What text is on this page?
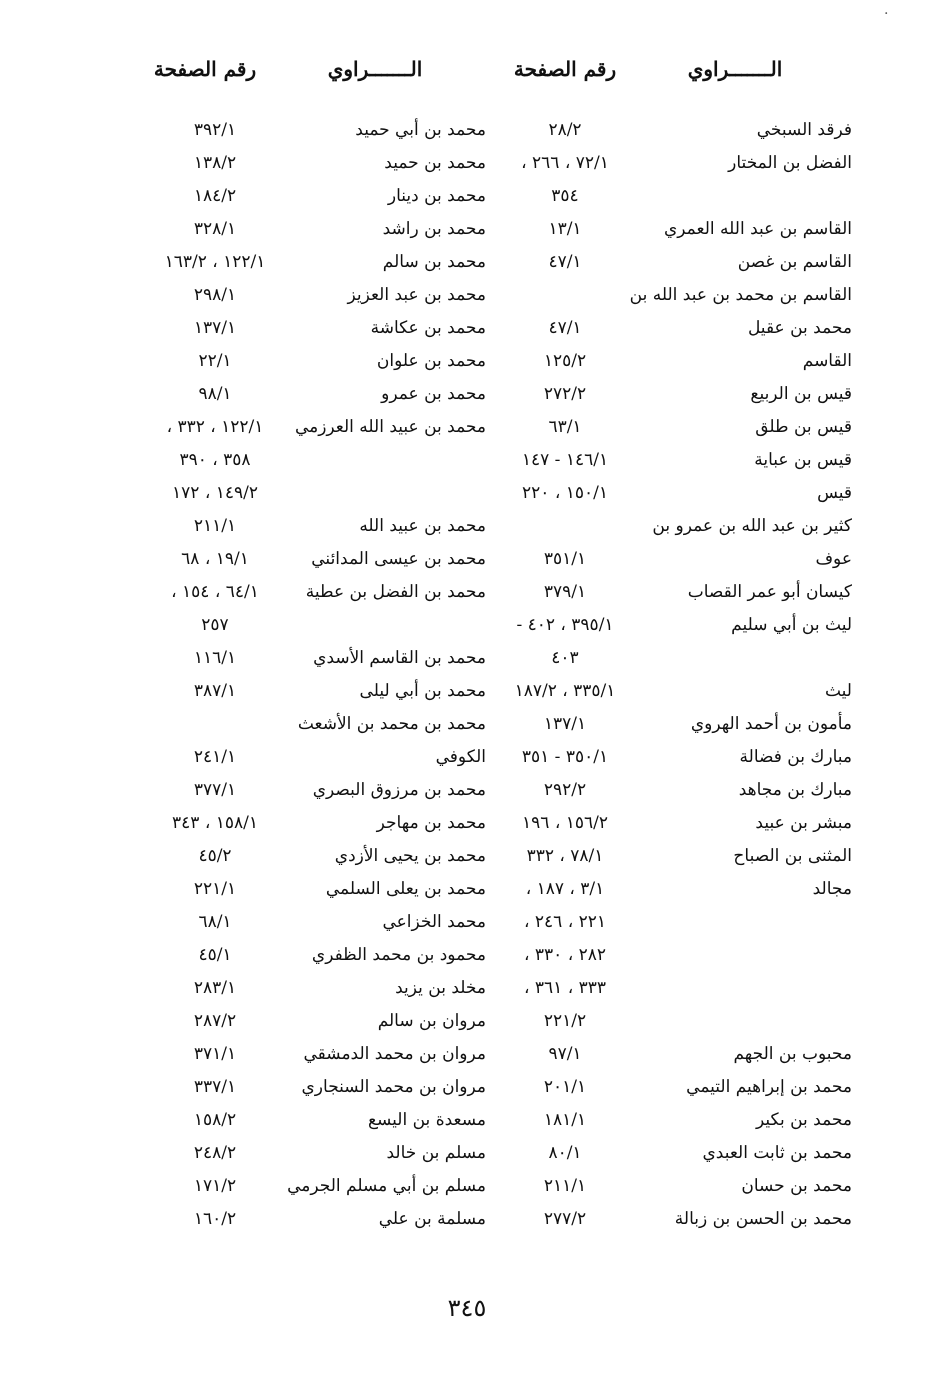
.
الـــــــراوي
رقم الصفحة
الـــــــراوي
رقم الصفحة
فرقد السبخي
٢٨/٢
محمد بن أبي حميد
٣٩٢/١
الفضل بن المختار
٧٢/١ ، ٢٦٦ ،
محمد بن حميد
١٣٨/٢
٣٥٤
محمد بن دينار
١٨٤/٢
القاسم بن عبد الله العمري
١٣/١
محمد بن راشد
٣٢٨/١
القاسم بن غصن
٤٧/١
محمد بن سالم
١٢٢/١ ، ١٦٣/٢
القاسم بن محمد بن عبد الله بن
محمد بن عبد العزيز
٢٩٨/١
محمد بن عقيل
٤٧/١
محمد بن عكاشة
١٣٧/١
القاسم
١٢٥/٢
محمد بن علوان
٢٢/١
قيس بن الربيع
٢٧٢/٢
محمد بن عمرو
٩٨/١
قيس بن طلق
٦٣/١
محمد بن عبيد الله العرزمي
١٢٢/١ ، ٣٣٢ ،
قيس بن عباية
١٤٦/١ - ١٤٧
٣٥٨ ، ٣٩٠
قيس
١٥٠/١ ، ٢٢٠
١٤٩/٢ ، ١٧٢
كثير بن عبد الله بن عمرو بن
محمد بن عبيد الله
٢١١/١
عوف
٣٥١/١
محمد بن عيسى المدائني
١٩/١ ، ٦٨
كيسان أبو عمر القصاب
٣٧٩/١
محمد بن الفضل بن عطية
٦٤/١ ، ١٥٤ ،
ليث بن أبي سليم
٣٩٥/١ ، ٤٠٢ -
٢٥٧
٤٠٣
محمد بن القاسم الأسدي
١١٦/١
ليث
٣٣٥/١ ، ١٨٧/٢
محمد بن أبي ليلى
٣٨٧/١
مأمون بن أحمد الهروي
١٣٧/١
محمد بن محمد بن الأشعث
مبارك بن فضالة
٣٥٠/١ - ٣٥١
الكوفي
٢٤١/١
مبارك بن مجاهد
٢٩٢/٢
محمد بن مرزوق البصري
٣٧٧/١
مبشر بن عبيد
١٥٦/٢ ، ١٩٦
محمد بن مهاجر
١٥٨/١ ، ٣٤٣
المثنى بن الصباح
٧٨/١ ، ٣٣٢
محمد بن يحيى الأزدي
٤٥/٢
مجالد
٣/١ ، ١٨٧ ،
محمد بن يعلى السلمي
٢٢١/١
٢٢١ ، ٢٤٦ ،
محمد الخزاعي
٦٨/١
٢٨٢ ، ٣٣٠ ،
محمود بن محمد الظفري
٤٥/١
٣٣٣ ، ٣٦١ ،
مخلد بن يزيد
٢٨٣/١
٢٢١/٢
مروان بن سالم
٢٨٧/٢
محبوب بن الجهم
٩٧/١
مروان بن محمد الدمشقي
٣٧١/١
محمد بن إبراهيم التيمي
٢٠١/١
مروان بن محمد السنجاري
٣٣٧/١
محمد بن بكير
١٨١/١
مسعدة بن اليسع
١٥٨/٢
محمد بن ثابت العبدي
٨٠/١
مسلم بن خالد
٢٤٨/٢
محمد بن حسان
٢١١/١
مسلم بن أبي مسلم الجرمي
١٧١/٢
محمد بن الحسن بن زبالة
٢٧٧/٢
مسلمة بن علي
١٦٠/٢
٣٤٥
